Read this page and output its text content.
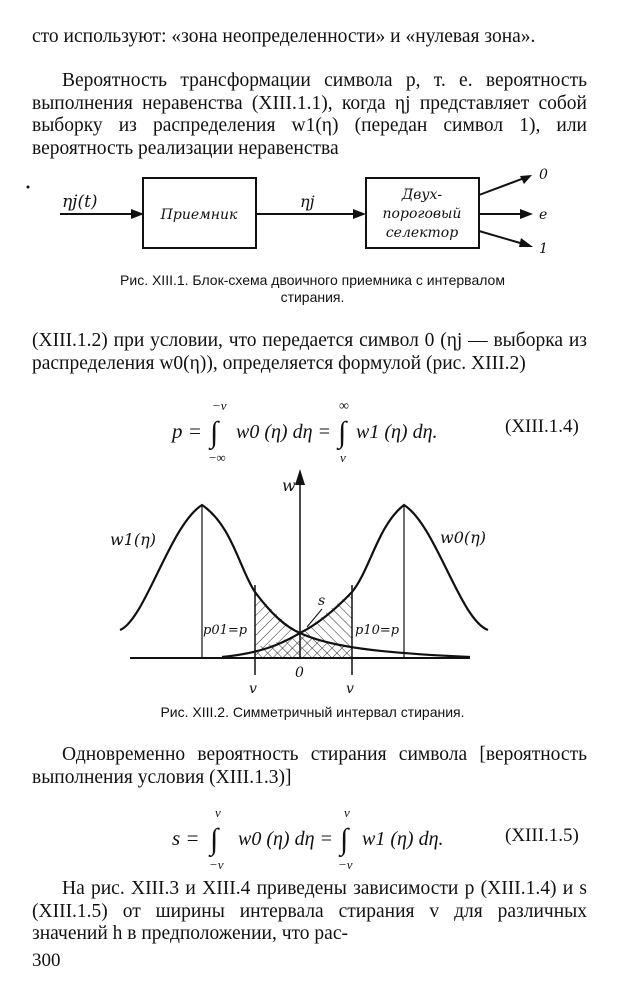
сто используют: «зона неопределенности» и «нулевая зона».

Вероятность трансформации символа p, т. е. вероятность выполнения неравенства (XIII.1.1), когда ηj представляет собой выборку из распределения w1(η) (передан символ 1), или вероятность реализации неравенства

ηj(t)
Приемник
ηj	Двух-
пороговый
селектор
0
e
1
Рис. XIII.1. Блок-схема двоичного приемника с интервалом
стирания.

(XIII.1.2) при условии, что передается символ 0 (ηj — выборка из распределения w0(η)), определяется формулой (рис. XIII.2)

p = ∫
−v
−∞
w0 (η) dη = ∫
∞
v
w1 (η) dη.	(XIII.1.4)
w
w1(η)	w0(η)
s
p01=p	p10=p
v
0
v
Рис. XIII.2. Симметричный интервал стирания.

Одновременно вероятность стирания символа [вероятность выполнения условия (XIII.1.3)]

s = ∫
v
−v
w0 (η) dη = ∫
v
−v
w1 (η) dη.	(XIII.1.5)

На рис. XIII.3 и XIII.4 приведены зависимости p (XIII.1.4) и s (XIII.1.5) от ширины интервала стирания v для различных значений h в предположении, что рас-

300
